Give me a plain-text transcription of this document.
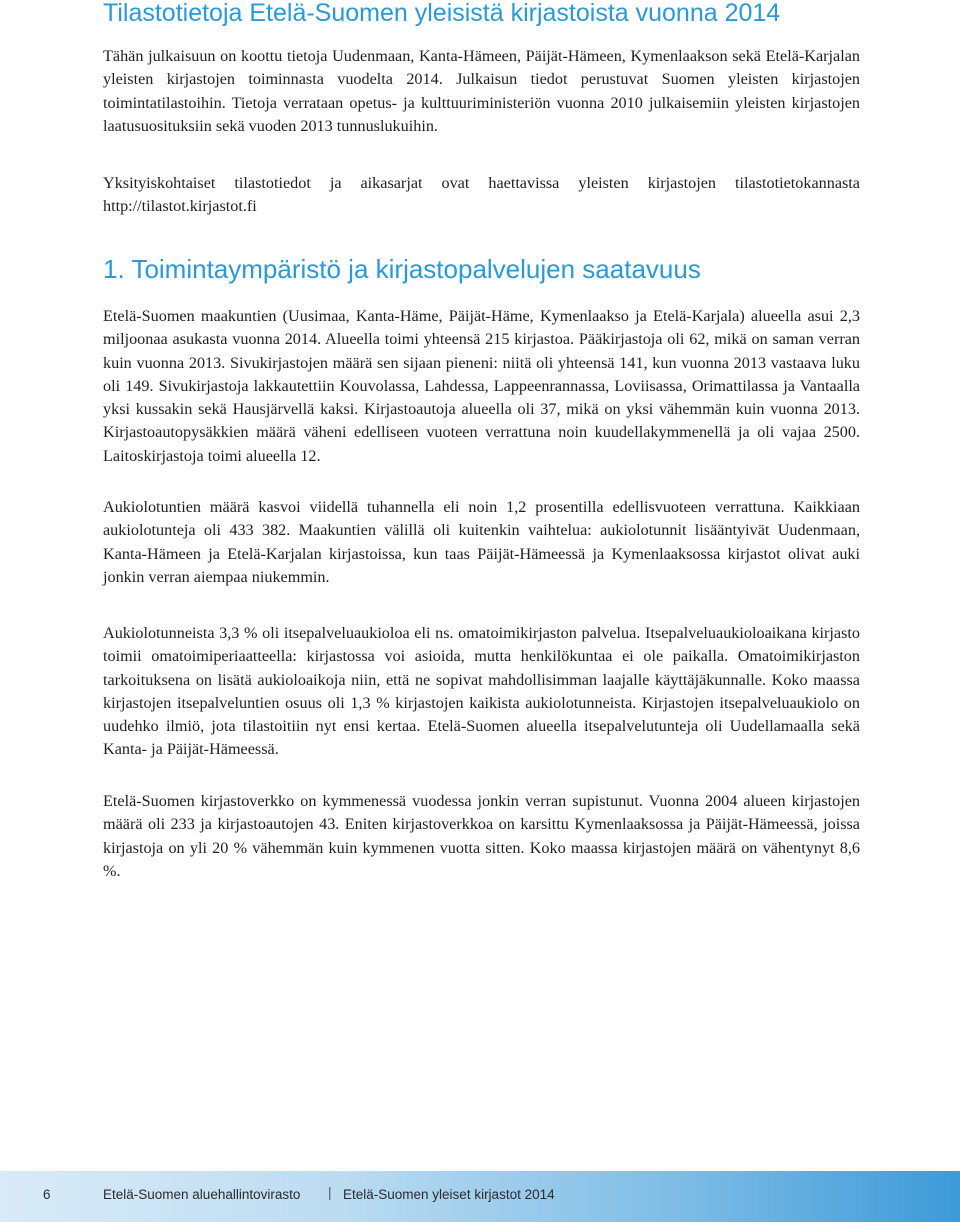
Tilastotietoja Etelä-Suomen yleisistä kirjastoista vuonna 2014

Tähän julkaisuun on koottu tietoja Uudenmaan, Kanta-Hämeen, Päijät-Hämeen, Kymenlaakson sekä Etelä-Karjalan yleisten kirjastojen toiminnasta vuodelta 2014. Julkaisun tiedot perustuvat Suomen yleisten kirjastojen toimintatilastoihin. Tietoja verrataan opetus- ja kulttuuriministeriön vuonna 2010 julkaisemiin yleisten kirjastojen laatusuosituksiin sekä vuoden 2013 tunnuslukuihin.

Yksityiskohtaiset tilastotiedot ja aikasarjat ovat haettavissa yleisten kirjastojen tilastotietokannasta http://tilastot.kirjastot.fi

1. Toimintaympäristö ja kirjastopalvelujen saatavuus

Etelä-Suomen maakuntien (Uusimaa, Kanta-Häme, Päijät-Häme, Kymenlaakso ja Etelä-Karjala) alueella asui 2,3 miljoonaa asukasta vuonna 2014. Alueella toimi yhteensä 215 kirjastoa. Pääkirjastoja oli 62, mikä on saman verran kuin vuonna 2013. Sivukirjastojen määrä sen sijaan pieneni: niitä oli yhteensä 141, kun vuonna 2013 vastaava luku oli 149. Sivukirjastoja lakkautettiin Kouvolassa, Lahdessa, Lappeenrannassa, Loviisassa, Orimattilassa ja Vantaalla yksi kussakin sekä Hausjärvellä kaksi. Kirjastoautoja alueella oli 37, mikä on yksi vähemmän kuin vuonna 2013. Kirjastoautopysäkkien määrä väheni edelliseen vuoteen verrattuna noin kuudellakymmenellä ja oli vajaa 2500. Laitoskirjastoja toimi alueella 12.

Aukiolotuntien määrä kasvoi viidellä tuhannella eli noin 1,2 prosentilla edellisvuoteen verrattuna. Kaikkiaan aukiolotunteja oli 433 382. Maakuntien välillä oli kuitenkin vaihtelua: aukiolotunnit lisääntyivät Uudenmaan, Kanta-Hämeen ja Etelä-Karjalan kirjastoissa, kun taas Päijät-Hämeessä ja Kymenlaaksossa kirjastot olivat auki jonkin verran aiempaa niukemmin.

Aukiolotunneista 3,3 % oli itsepalveluaukioloa eli ns. omatoimikirjaston palvelua. Itsepalveluaukioloaikana kirjasto toimii omatoimiperiaatteella: kirjastossa voi asioida, mutta henkilökuntaa ei ole paikalla. Omatoimikirjaston tarkoituksena on lisätä aukioloaikoja niin, että ne sopivat mahdollisimman laajalle käyttäjäkunnalle. Koko maassa kirjastojen itsepalveluntien osuus oli 1,3 % kirjastojen kaikista aukiolotunneista. Kirjastojen itsepalveluaukiolo on uudehko ilmiö, jota tilastoitiin nyt ensi kertaa. Etelä-Suomen alueella itsepalvelutunteja oli Uudellamaalla sekä Kanta- ja Päijät-Hämeessä.

Etelä-Suomen kirjastoverkko on kymmenessä vuodessa jonkin verran supistunut. Vuonna 2004 alueen kirjastojen määrä oli 233 ja kirjastoautojen 43. Eniten kirjastoverkkoa on karsittu Kymenlaaksossa ja Päijät-Hämeessä, joissa kirjastoja on yli 20 % vähemmän kuin kymmenen vuotta sitten. Koko maassa kirjastojen määrä on vähentynyt 8,6 %.

6	Etelä-Suomen aluehallintovirasto | Etelä-Suomen yleiset kirjastot 2014
